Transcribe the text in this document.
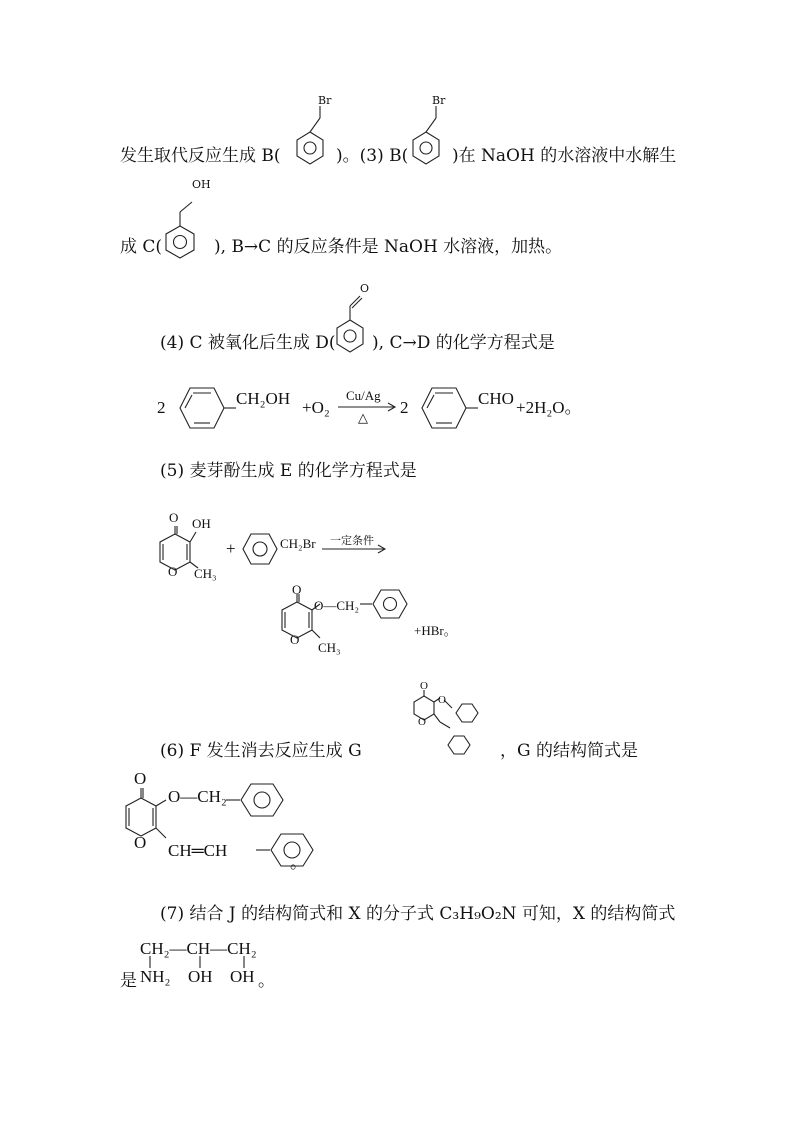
发生取代反应生成 B(
Br
)。(3) B(
Br
)在 NaOH 的水溶液中水解生
成 C(
OH
), B→C 的反应条件是 NaOH 水溶液，加热。
(4) C 被氧化后生成 D(
O
), C→D 的化学方程式是
2	CH₂OH +O₂
Cu/Ag
△
2	CHO +2H₂O。
(5) 麦芽酚生成 E 的化学方程式是
O OH
O CH₃
+	CH₂Br 一定条件
O
O—CH₂
O
CH₃
+HBr。
(6) F 发生消去反应生成 G
O
O
O
，G 的结构简式是
O
O—CH₂
O CH═CH
。
(7) 结合 J 的结构简式和 X 的分子式 C₃H₉O₂N 可知，X 的结构简式
CH₂—CH—CH₂
是 NH₂ OH OH 。
